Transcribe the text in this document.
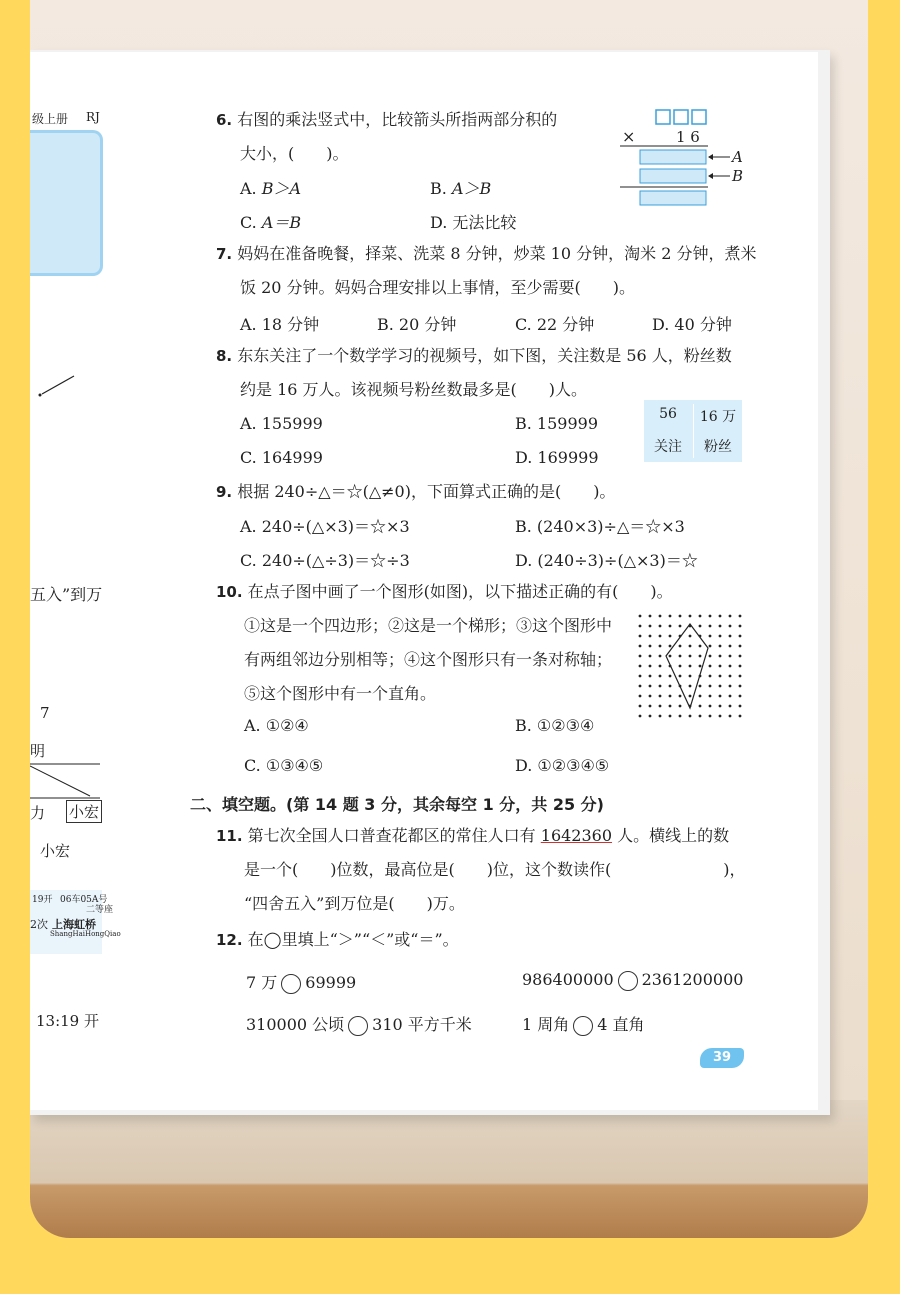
级上册 RJ
五入”到万
7
明
力 小宏
小宏
19开 06车05A号
二等座
2次 上海虹桥
ShangHaiHongQiao
13:19 开
6. 右图的乘法竖式中，比较箭头所指两部分积的
大小，(　　)。
A. B＞A	B. A＞B
C. A＝B	D. 无法比较
×	1 6
A
B
7. 妈妈在准备晚餐，择菜、洗菜 8 分钟，炒菜 10 分钟，淘米 2 分钟，煮米
饭 20 分钟。妈妈合理安排以上事情，至少需要(　　)。
A. 18 分钟	B. 20 分钟	C. 22 分钟	D. 40 分钟
8. 东东关注了一个数学学习的视频号，如下图，关注数是 56 人，粉丝数
约是 16 万人。该视频号粉丝数最多是(　　)人。
A. 155999	B. 159999
C. 164999	D. 169999
56	16 万
关注	粉丝
9. 根据 240÷△＝☆(△≠0)，下面算式正确的是(　　)。
A. 240÷(△×3)＝☆×3	B. (240×3)÷△＝☆×3
C. 240÷(△÷3)＝☆÷3	D. (240÷3)÷(△×3)＝☆
10. 在点子图中画了一个图形(如图)，以下描述正确的有(　　)。
①这是一个四边形；②这是一个梯形；③这个图形中
有两组邻边分别相等；④这个图形只有一条对称轴；
⑤这个图形中有一个直角。
A. ①②④	B. ①②③④
C. ①③④⑤	D. ①②③④⑤
二、填空题。(第 14 题 3 分，其余每空 1 分，共 25 分)
11. 第七次全国人口普查花都区的常住人口有 1642360 人。横线上的数
是一个(　　)位数，最高位是(　　)位，这个数读作(　　　　　　　)，
“四舍五入”到万位是(　　)万。
12. 在◯里填上“＞”“＜”或“＝”。
7 万 69999	986400000 2361200000
310000 公顷 310 平方千米	1 周角 4 直角
39
